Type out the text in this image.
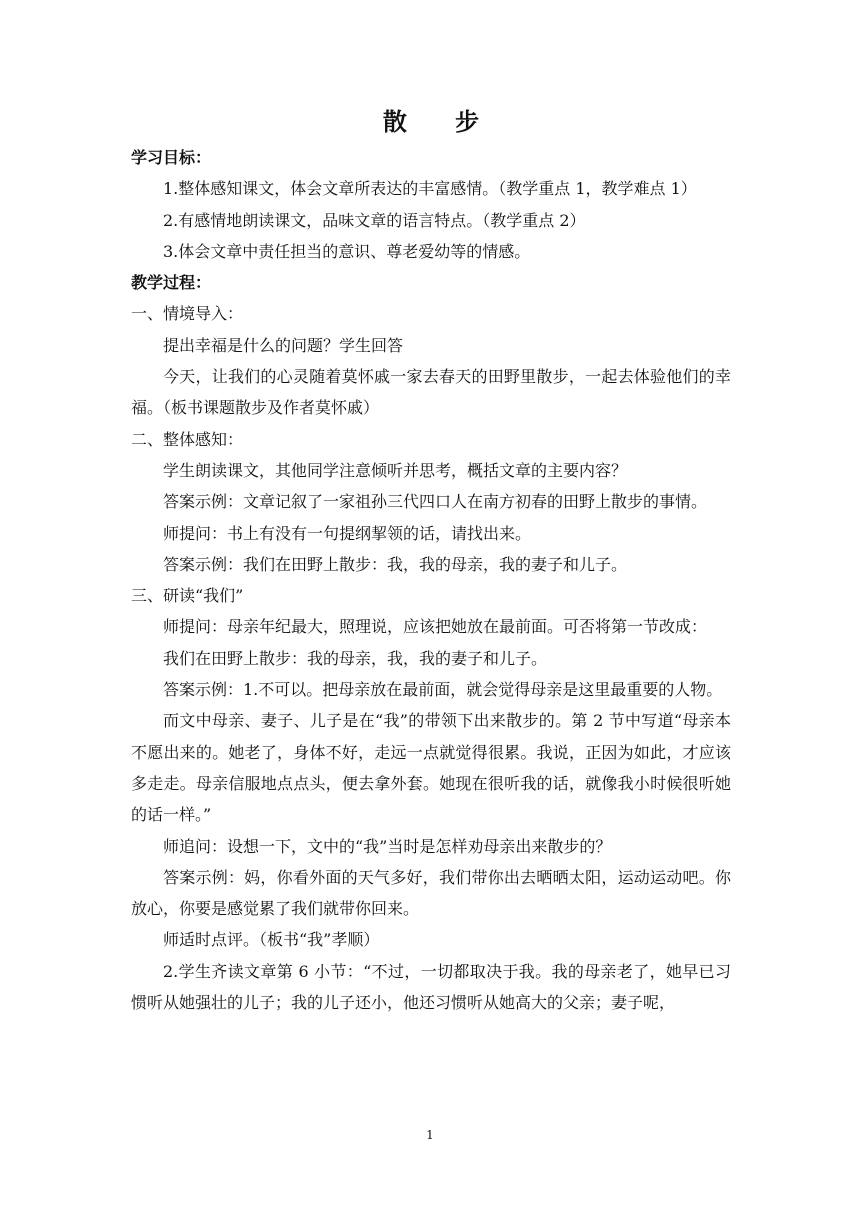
散 步

学习目标：

1.整体感知课文，体会文章所表达的丰富感情。（教学重点 1，教学难点 1）

2.有感情地朗读课文，品味文章的语言特点。（教学重点 2）

3.体会文章中责任担当的意识、尊老爱幼等的情感。

教学过程：

一、情境导入：

提出幸福是什么的问题？学生回答

今天，让我们的心灵随着莫怀戚一家去春天的田野里散步，一起去体验他们的幸福。（板书课题散步及作者莫怀戚）

二、整体感知：

学生朗读课文，其他同学注意倾听并思考，概括文章的主要内容？

答案示例：文章记叙了一家祖孙三代四口人在南方初春的田野上散步的事情。

师提问：书上有没有一句提纲挈领的话，请找出来。

答案示例：我们在田野上散步：我，我的母亲，我的妻子和儿子。

三、研读“我们”

师提问：母亲年纪最大，照理说，应该把她放在最前面。可否将第一节改成：

我们在田野上散步：我的母亲，我，我的妻子和儿子。

答案示例：1.不可以。把母亲放在最前面，就会觉得母亲是这里最重要的人物。

而文中母亲、妻子、儿子是在“我”的带领下出来散步的。第 2 节中写道“母亲本不愿出来的。她老了，身体不好，走远一点就觉得很累。我说，正因为如此，才应该多走走。母亲信服地点点头，便去拿外套。她现在很听我的话，就像我小时候很听她的话一样。”

师追问：设想一下，文中的“我”当时是怎样劝母亲出来散步的？

答案示例：妈，你看外面的天气多好，我们带你出去晒晒太阳，运动运动吧。你放心，你要是感觉累了我们就带你回来。

师适时点评。（板书“我”孝顺）

2.学生齐读文章第 6 小节：“不过，一切都取决于我。我的母亲老了，她早已习惯听从她强壮的儿子；我的儿子还小，他还习惯听从她高大的父亲；妻子呢，

1
